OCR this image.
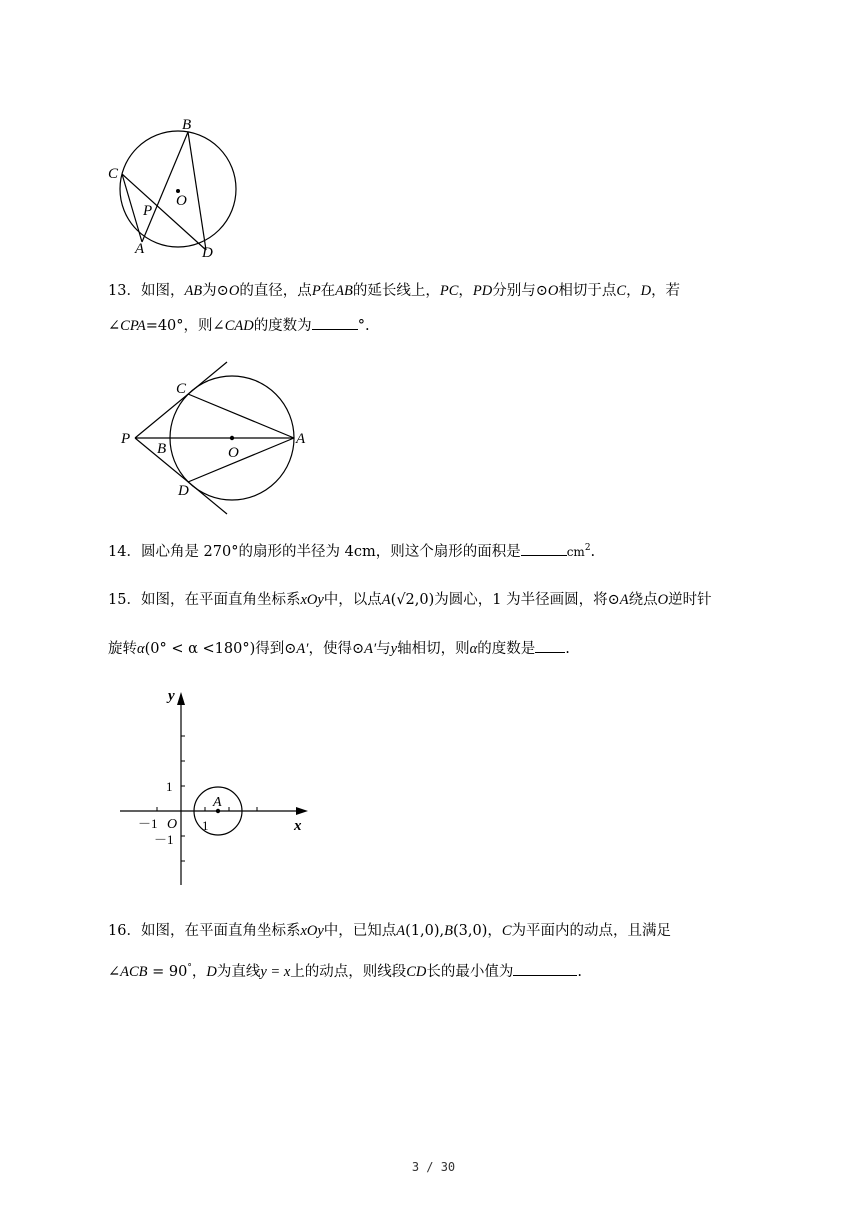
B
C
O
P
A	D
13．如图，AB为⊙O的直径，点P在AB的延长线上，PC，PD分别与⊙O相切于点C，D，若
∠CPA=40°，则∠CAD的度数为	°.
C
P
B	O
A
D
14．圆心角是 270°的扇形的半径为 4cm，则这个扇形的面积是	$cm^2$.
15．如图，在平面直角坐标系xOy中，以点A(√2,0)为圆心，1 为半径画圆，将⊙A绕点O逆时针
旋转α(0° < α <180°)得到⊙A′，使得⊙A′与y轴相切，则α的度数是 .
y
x
1
－1 O 1
－1
A
16．如图，在平面直角坐标系xOy中，已知点A(1,0),B(3,0)，C为平面内的动点，且满足
∠ACB = 90°，D为直线y = x上的动点，则线段CD长的最小值为	.
3 / 30
